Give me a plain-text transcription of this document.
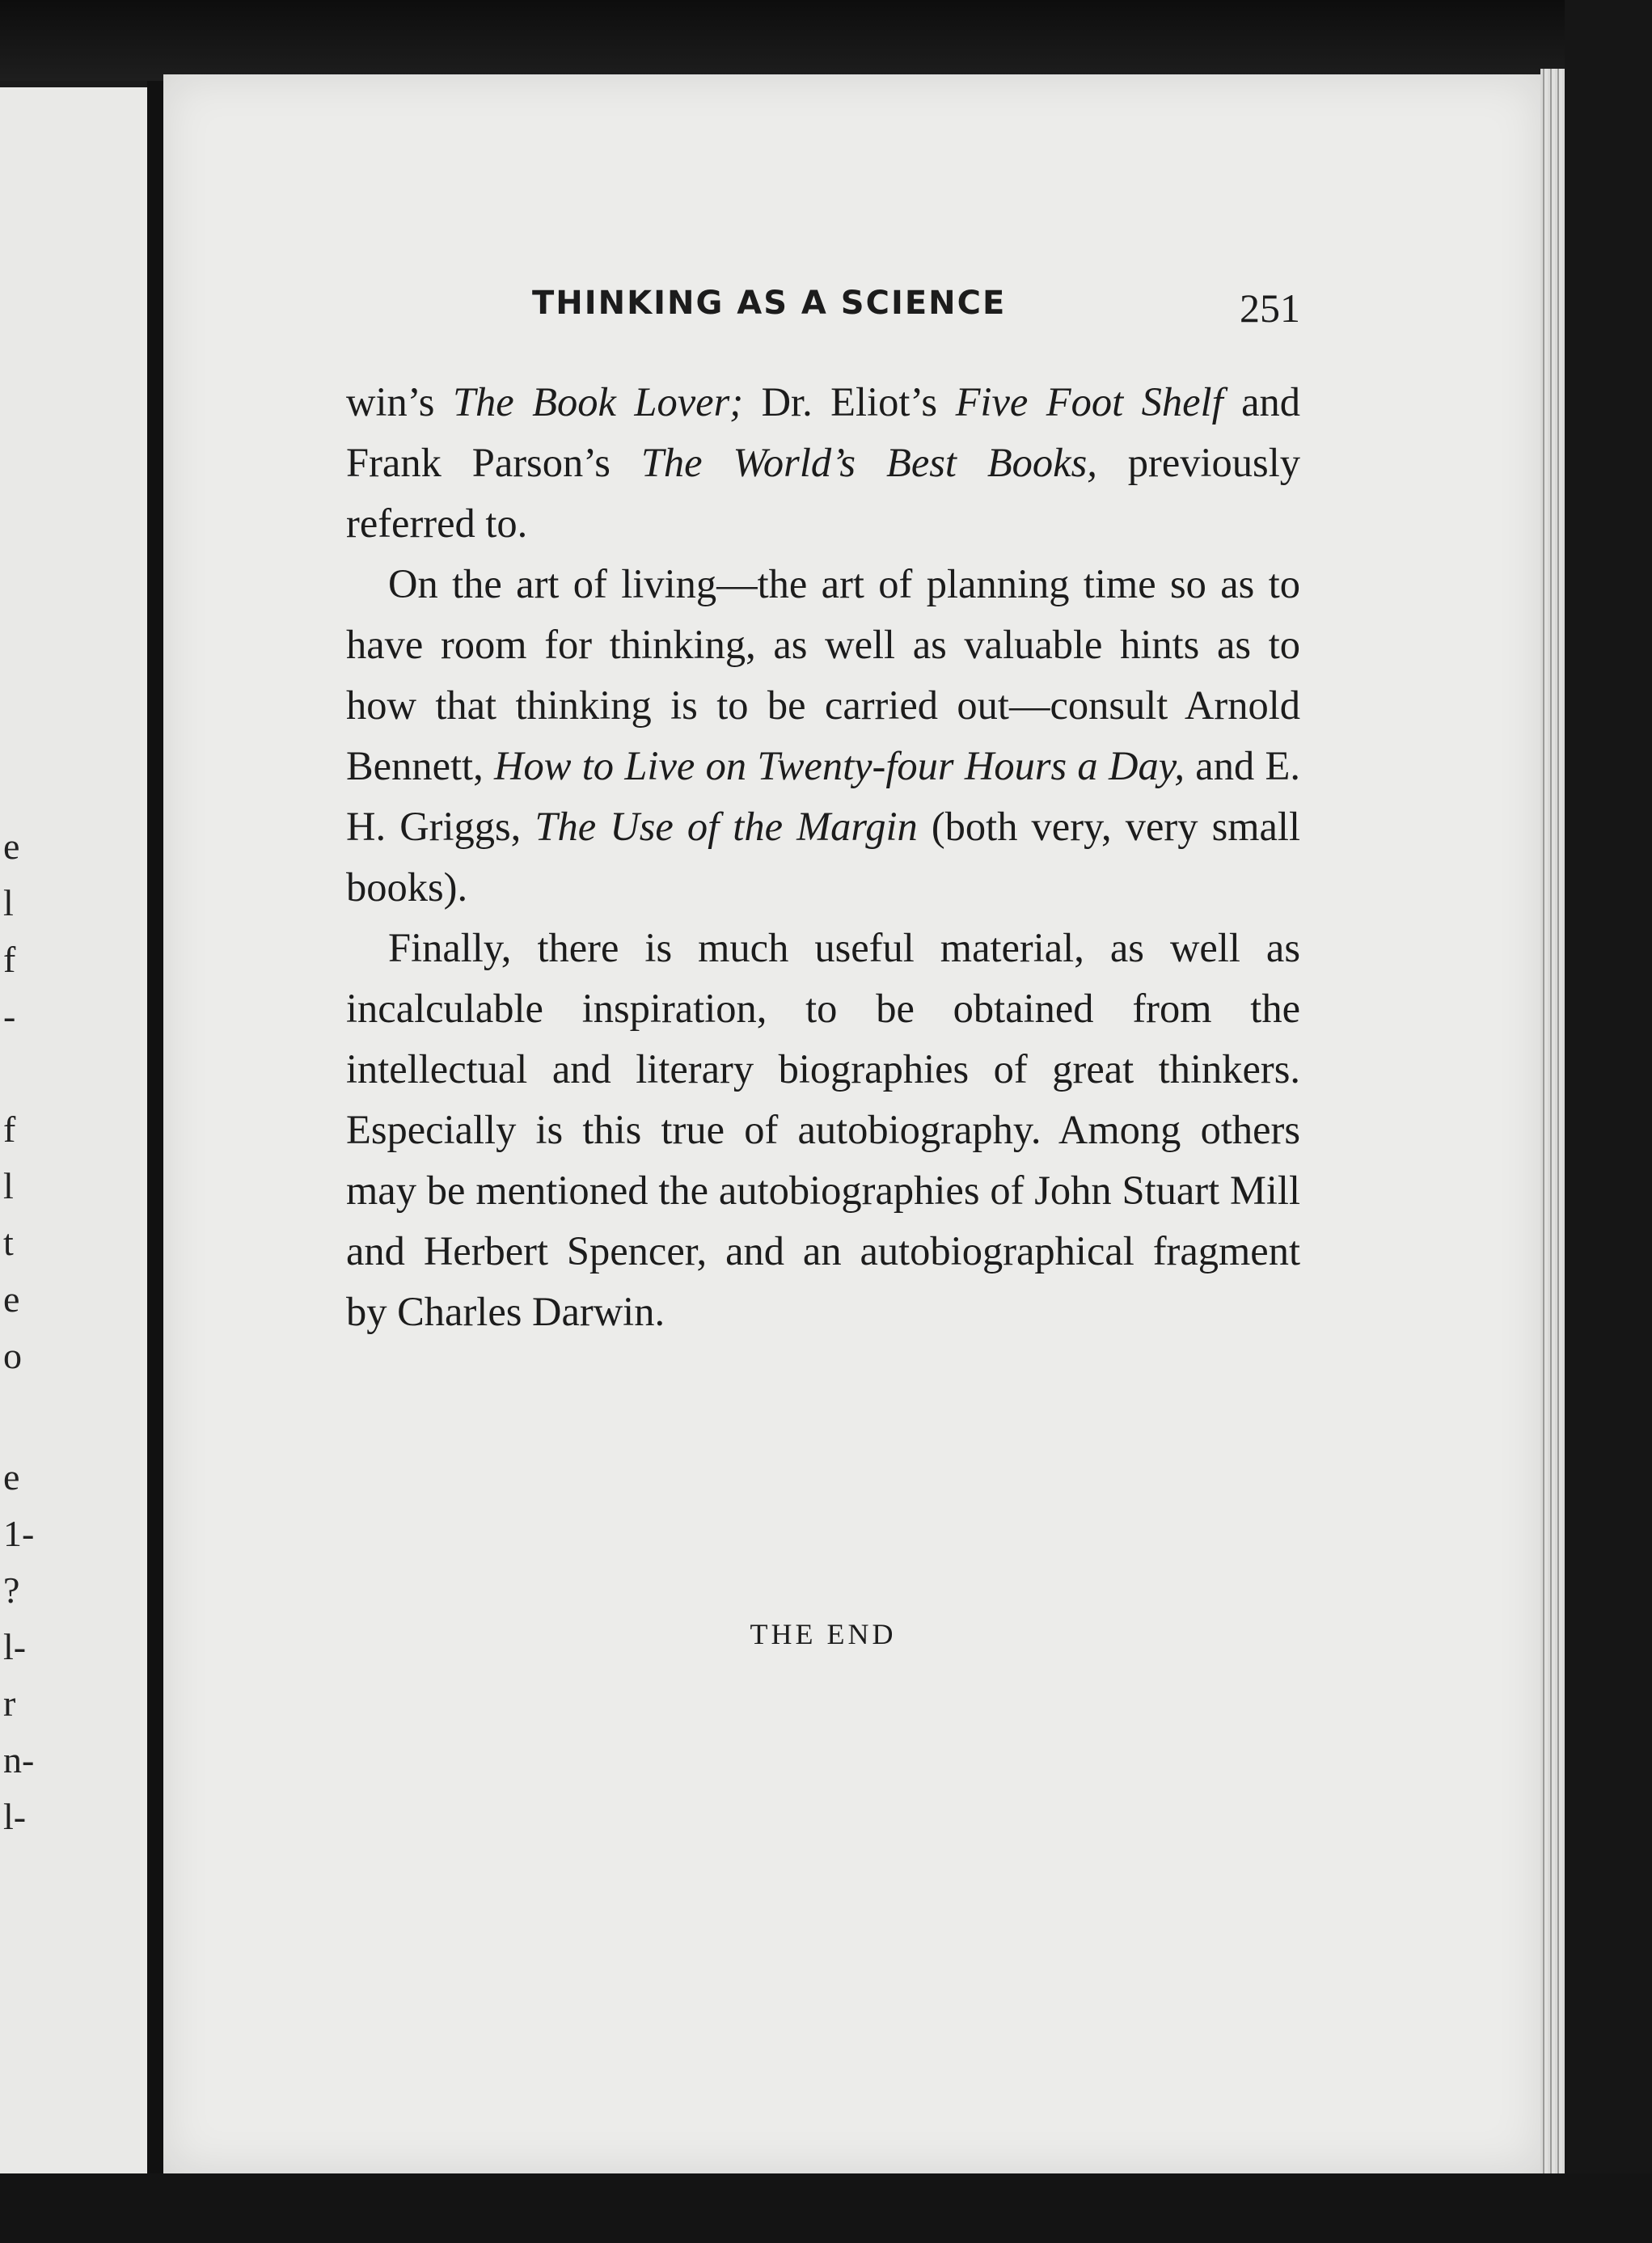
e
l
f
-
f
l
t
e
o
e
1-
?
l-
r
n-
l-
THINKING AS A SCIENCE	251

win’s The Book Lover; Dr. Eliot’s Five Foot Shelf and Frank Parson’s The World’s Best Books, previously referred to.

On the art of living—the art of planning time so as to have room for thinking, as well as valuable hints as to how that thinking is to be carried out—consult Arnold Bennett, How to Live on Twenty-four Hours a Day, and E. H. Griggs, The Use of the Margin (both very, very small books).

Finally, there is much useful material, as well as incalculable inspiration, to be obtained from the intellectual and literary biographies of great thinkers. Especially is this true of autobiography. Among others may be mentioned the autobiographies of John Stuart Mill and Herbert Spencer, and an autobiographical fragment by Charles Darwin.

THE END
